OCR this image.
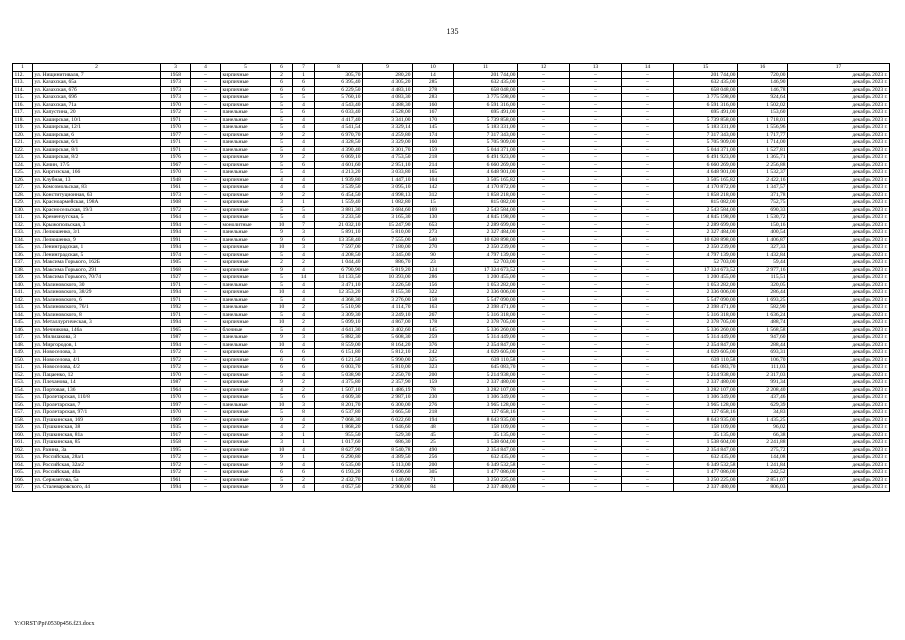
135
1	2	3	4	5	6	7	8	9	10	11	12	13	14	15	16	17
112.	ул. Нищинитиваля, 7	1958	–	кирпичные	2	1	305,70	280,20	14	201 744,00	–	–	–	201 744,00	720,00	декабрь 2023 г.
113.	ул. Казахская, 65а	1973	–	кирпичные	6	6	6 395,40	4 305,20	285	632 435,00	–	–	–	632 435,00	146,90	декабрь 2023 г.
114.	ул. Казахская, 67б	1973	–	кирпичные	6	6	6 229,50	4 483,10	278	658 048,00	–	–	–	658 048,00	146,78	декабрь 2023 г.
115.	ул. Казахская, 69б	1973	–	кирпичные	5	5	5 760,10	4 083,30	283	3 775 598,00	–	–	–	3 775 598,00	924,64	декабрь 2023 г.
116.	ул. Казахская, 71а	1970	–	кирпичные	5	4	4 543,40	4 388,30	160	6 591 316,00	–	–	–	6 591 316,00	1 502,02	декабрь 2023 г.
117.	ул. Капустина, 20	1972	–	панельные	5	6	6 033,40	4 528,00	167	695 491,00	–	–	–	695 491,00	153,60	декабрь 2023 г.
118.	ул. Каширская, 10/1	1971	–	панельные	5	4	4 417,40	3 341,00	170	5 739 858,00	–	–	–	5 739 858,00	1 718,01	декабрь 2023 г.
119.	ул. Каширская, 12/1	1970	–	панельные	5	4	4 541,54	3 329,14	145	5 183 331,00	–	–	–	5 183 331,00	1 556,96	декабрь 2023 г.
120.	ул. Каширская, 6	1977	–	кирпичные	9	2	6 970,70	4 259,80	174	7 317 343,00	–	–	–	7 317 343,00	1 717,77	декабрь 2023 г.
121.	ул. Каширская, 6/1	1971	–	панельные	5	4	4 328,50	3 329,00	160	5 705 909,00	–	–	–	5 705 909,00	1 714,00	декабрь 2023 г.
122.	ул. Каширская, 8/1	1971	–	панельные	5	4	4 390,40	3 301,70	159	5 044 371,00	–	–	–	5 044 371,00	1 527,81	декабрь 2023 г.
123.	ул. Каширская, 8/2	1976	–	кирпичные	9	2	6 069,10	4 753,50	218	6 491 923,00	–	–	–	6 491 923,00	1 365,71	декабрь 2023 г.
124.	ул. Качин, 17/5	1967	–	кирпичные	5	6	4 601,60	2 951,10	214	6 660 269,00	–	–	–	6 660 269,00	2 256,88	декабрь 2023 г.
125.	ул. Киргизская, 166	1970	–	панельные	5	4	4 213,20	3 033,80	165	4 648 901,00	–	–	–	4 648 901,00	1 532,37	декабрь 2023 г.
126.	ул. Клубная, 13	1948	–	кирпичные	4	4	1 939,80	1 447,10	104	3 505 165,82	–	–	–	3 505 165,82	2 422,16	декабрь 2023 г.
127.	ул. Комсомольская, 83	1961	–	кирпичные	4	4	3 539,50	3 095,10	142	4 170 872,00	–	–	–	4 170 872,00	1 347,57	декабрь 2023 г.
128.	ул. Конституционная, 63	1973	–	кирпичные	9	2	6 454,50	4 998,13	312	1 858 218,00	–	–	–	1 858 218,00	371,78	декабрь 2023 г.
129.	ул. Красноармейская, 198А	1908	–	кирпичные	3	1	1 559,40	1 082,80	15	815 082,00	–	–	–	815 082,00	752,75	декабрь 2023 г.
130.	ул. Красносельская, 19/3	1972	–	кирпичные	5	5	3 881,30	3 684,60	169	2 543 584,00	–	–	–	2 543 584,00	690,33	декабрь 2023 г.
131.	ул. Кременчугская, 5	1964	–	кирпичные	5	4	3 233,50	3 165,30	130	4 845 198,00	–	–	–	4 845 198,00	1 530,72	декабрь 2023 г.
132.	ул. Крыжопольская, 3	1994	–	монолитные	10	7	21 032,10	15 247,90	653	2 289 699,00	–	–	–	2 289 699,00	150,16	декабрь 2023 г.
133.	ул. Лелюшенко, 3/1	1994	–	панельные	9	3	5 891,10	5 810,00	273	2 327 484,00	–	–	–	2 327 484,00	400,54	декабрь 2023 г.
134.	ул. Лелюшенко, 9	1991	–	панельные	9	6	13 358,40	7 555,00	540	10 628 898,00	–	–	–	10 628 898,00	1 406,87	декабрь 2023 г.
135.	ул. Ленинградская, 1	1994	–	кирпичные	10	3	7 597,00	7 180,00	270	2 350 239,00	–	–	–	2 350 239,00	327,33	декабрь 2023 г.
136.	ул. Ленинградская, 5	1974	–	кирпичные	5	4	4 208,50	3 345,00	90	4 797 139,00	–	–	–	4 797 139,00	1 432,84	декабрь 2023 г.
137.	ул. Максима Горького, 162Б	1905	–	кирпичные	2	2	1 044,40	886,70	23	52 703,00	–	–	–	52 703,00	59,44	декабрь 2023 г.
138.	ул. Максима Горького, 291	1968	–	кирпичные	9	4	6 790,90	5 819,20	124	17 324 673,52	–	–	–	17 324 673,52	2 977,16	декабрь 2023 г.
139.	ул. Максима Горького, 70/74	1927	–	кирпичные	5	14	14 133,50	10 393,00	286	1 200 455,00	–	–	–	1 200 455,00	115,51	декабрь 2023 г.
140.	ул. Малиновского, 30	1971	–	панельные	5	4	3 471,10	3 226,50	156	1 053 282,00	–	–	–	1 053 282,00	320,05	декабрь 2023 г.
141.	ул. Малиновского, 38/29	1994	–	кирпичные	10	4	12 353,20	8 155,30	322	2 336 006,00	–	–	–	2 336 006,00	286,44	декабрь 2023 г.
142.	ул. Малиновского, 6	1971	–	панельные	5	4	4 368,30	3 276,00	158	5 547 090,00	–	–	–	5 547 090,00	1 693,25	декабрь 2023 г.
143.	ул. Малиновского, 76/1	1992	–	панельные	10	2	5 510,90	4 114,70	163	2 398 471,00	–	–	–	2 398 471,00	582,90	декабрь 2023 г.
144.	ул. Малиновского, 8	1971	–	панельные	5	4	3 309,30	3 249,10	267	5 316 318,00	–	–	–	5 316 318,00	1 636,24	декабрь 2023 г.
145.	ул. Металлургическая, 3	1994	–	кирпичные	10	2	5 099,10	4 867,00	178	2 378 705,00	–	–	–	2 378 705,00	488,74	декабрь 2023 г.
146.	ул. Мечникова, 146а	1965	–	блочные	5	4	4 641,30	3 402,60	145	5 336 260,00	–	–	–	5 336 260,00	1 568,58	декабрь 2023 г.
147.	ул. Мильчакова, 3	1987	–	панельные	9	3	5 882,30	5 608,30	259	5 314 449,00	–	–	–	5 314 449,00	947,60	декабрь 2023 г.
148.	ул. Миргородов, 1	1994	–	панельные	10	4	8 559,00	8 164,20	376	2 354 847,00	–	–	–	2 354 847,00	288,44	декабрь 2023 г.
149.	ул. Новоселова, 3	1972	–	кирпичные	6	6	6 151,80	5 812,10	242	4 029 605,00	–	–	–	4 029 605,00	693,31	декабрь 2023 г.
150.	ул. Новоселова, 4/1	1972	–	кирпичные	6	6	6 121,50	5 990,00	325	639 110,58	–	–	–	639 110,58	106,70	декабрь 2023 г.
151.	ул. Новоселова, 4/2	1972	–	кирпичные	6	6	6 003,70	5 810,00	323	645 083,70	–	–	–	645 083,70	111,03	декабрь 2023 г.
152.	ул. Пацаенко, 12	1970	–	кирпичные	5	4	5 038,90	2 250,70	200	5 214 938,00	–	–	–	5 214 938,00	2 317,03	декабрь 2023 г.
153.	ул. Плеханова, 14	1987	–	кирпичные	9	2	4 375,80	2 357,90	159	2 337 480,00	–	–	–	2 337 480,00	991,34	декабрь 2023 г.
154.	ул. Портовая, 136	1964	–	кирпичные	4	2	1 507,10	1 486,19	78	3 282 107,00	–	–	–	3 282 107,00	2 208,40	декабрь 2023 г.
155.	ул. Пролетарская, 110/8	1970	–	кирпичные	5	6	4 609,30	2 987,10	230	1 306 349,00	–	–	–	1 306 349,00	437,46	декабрь 2023 г.
156.	ул. Пролетарская, 7	1997	–	панельные	10	3	8 201,70	6 300,00	276	3 965 128,00	–	–	–	3 965 128,00	629,39	декабрь 2023 г.
157.	ул. Пролетарская, 97/1	1970	–	кирпичные	5	8	6 537,80	3 665,50	218	127 658,16	–	–	–	127 658,16	34,83	декабрь 2023 г.
158.	ул. Пушкинская, 169	1969	–	кирпичные	9	4	7 068,30	6 022,60	194	8 643 935,00	–	–	–	8 643 935,00	1 435,25	декабрь 2023 г.
159.	ул. Пушкинская, 38	1935	–	кирпичные	4	2	1 868,20	1 646,60	48	158 109,00	–	–	–	158 109,00	96,02	декабрь 2023 г.
160.	ул. Пушкинская, 81а	1917	–	кирпичные	3	1	955,50	529,30	45	35 135,00	–	–	–	35 135,00	66,38	декабрь 2023 г.
161.	ул. Пушкинская, 85	1958	–	кирпичные	3	1	1 017,60	686,30	25	1 538 604,00	–	–	–	1 538 604,00	2 241,88	декабрь 2023 г.
162.	ул. Разина, 3а	1995	–	кирпичные	10	4	8 627,90	8 540,78	490	2 354 847,00	–	–	–	2 354 847,00	275,72	декабрь 2023 г.
163.	ул. Российская, 28а/1	1972	–	кирпичные	9	1	6 290,80	4 389,50	256	632 435,00	–	–	–	632 435,00	144,08	декабрь 2023 г.
164.	ул. Российская, 32а/2	1972	–	кирпичные	9	4	6 535,00	5 113,00	200	6 349 532,58	–	–	–	6 349 532,58	1 241,84	декабрь 2023 г.
165.	ул. Российская, 40а	1972	–	кирпичные	6	6	6 193,20	6 090,60	305	1 477 086,00	–	–	–	1 477 086,00	242,52	декабрь 2023 г.
166.	ул. Сержантова, 5а	1961	–	кирпичные	5	2	2 432,70	1 140,00	71	3 250 225,00	–	–	–	3 250 225,00	2 851,07	декабрь 2023 г.
167.	ул. Сталеваровского, 44	1994	–	кирпичные	9	4	4 057,50	2 900,00	84	2 337 480,00	–	–	–	2 337 480,00	806,03	декабрь 2023 г.
Y:\ORST\Ppi\0530p456.f23.docx
